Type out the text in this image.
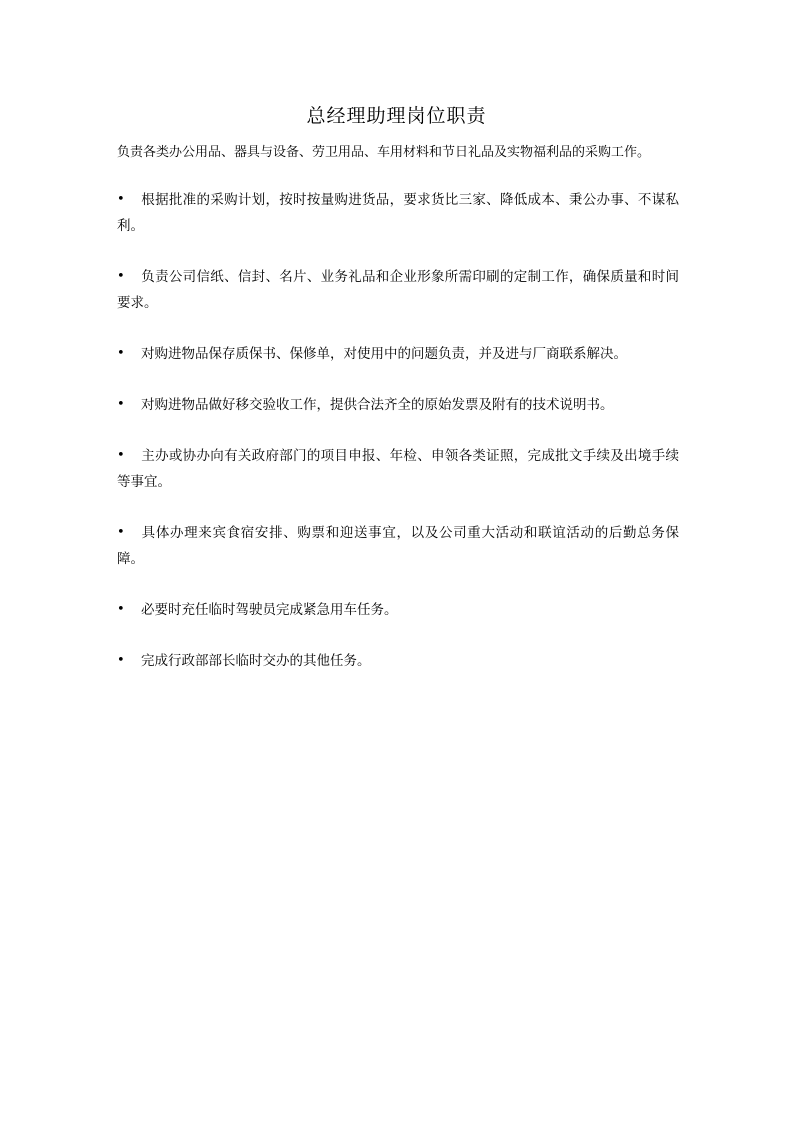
总经理助理岗位职责
负责各类办公用品、器具与设备、劳卫用品、车用材料和节日礼品及实物福利品的采购工作。
• 根据批准的采购计划，按时按量购进货品，要求货比三家、降低成本、秉公办事、不谋私利。
• 负责公司信纸、信封、名片、业务礼品和企业形象所需印刷的定制工作，确保质量和时间要求。
• 对购进物品保存质保书、保修单，对使用中的问题负责，并及进与厂商联系解决。
• 对购进物品做好移交验收工作，提供合法齐全的原始发票及附有的技术说明书。
• 主办或协办向有关政府部门的项目申报、年检、申领各类证照，完成批文手续及出境手续 等事宜。
• 具体办理来宾食宿安排、购票和迎送事宜，以及公司重大活动和联谊活动的后勤总务保障。
• 必要时充任临时驾驶员完成紧急用车任务。
• 完成行政部部长临时交办的其他任务。
